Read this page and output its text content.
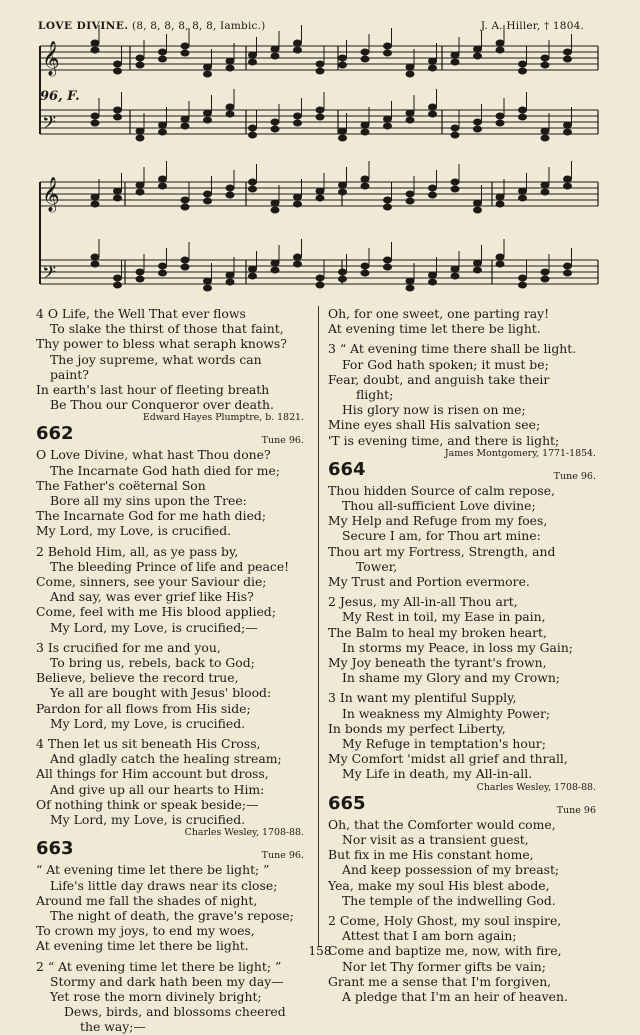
LOVE DIVINE. (8, 8, 8, 8, 8, 8, Iambic.)	J. A. Hiller, † 1804.
𝄞
𝄢
𝄞
𝄢
96, F.
4 O Life, the Well That ever flows
To slake the thirst of those that faint,
Thy power to bless what seraph knows?
The joy supreme, what words can
paint?
In earth's last hour of fleeting breath
Be Thou our Conqueror over death.
Edward Hayes Plumptre, b. 1821.
662	Tune 96.
O Love Divine, what hast Thou done?
The Incarnate God hath died for me;
The Father's coëternal Son
Bore all my sins upon the Tree:
The Incarnate God for me hath died;
My Lord, my Love, is crucified.
2 Behold Him, all, as ye pass by,
The bleeding Prince of life and peace!
Come, sinners, see your Saviour die;
And say, was ever grief like His?
Come, feel with me His blood applied;
My Lord, my Love, is crucified;—
3 Is crucified for me and you,
To bring us, rebels, back to God;
Believe, believe the record true,
Ye all are bought with Jesus' blood:
Pardon for all flows from His side;
My Lord, my Love, is crucified.
4 Then let us sit beneath His Cross,
And gladly catch the healing stream;
All things for Him account but dross,
And give up all our hearts to Him:
Of nothing think or speak beside;—
My Lord, my Love, is crucified.
Charles Wesley, 1708-88.
663	Tune 96.
“ At evening time let there be light; ”
Life's little day draws near its close;
Around me fall the shades of night,
The night of death, the grave's repose;
To crown my joys, to end my woes,
At evening time let there be light.
2 “ At evening time let there be light; ”
Stormy and dark hath been my day—
Yet rose the morn divinely bright;
Dews, birds, and blossoms cheered
the way;—
Oh, for one sweet, one parting ray!
At evening time let there be light.
3 “ At evening time there shall be light.
For God hath spoken; it must be;
Fear, doubt, and anguish take their
flight;
His glory now is risen on me;
Mine eyes shall His salvation see;
'T is evening time, and there is light;
James Montgomery, 1771-1854.
664	Tune 96.
Thou hidden Source of calm repose,
Thou all-sufficient Love divine;
My Help and Refuge from my foes,
Secure I am, for Thou art mine:
Thou art my Fortress, Strength, and
Tower,
My Trust and Portion evermore.
2 Jesus, my All-in-all Thou art,
My Rest in toil, my Ease in pain,
The Balm to heal my broken heart,
In storms my Peace, in loss my Gain;
My Joy beneath the tyrant's frown,
In shame my Glory and my Crown;
3 In want my plentiful Supply,
In weakness my Almighty Power;
In bonds my perfect Liberty,
My Refuge in temptation's hour;
My Comfort 'midst all grief and thrall,
My Life in death, my All-in-all.
Charles Wesley, 1708-88.
665	Tune 96
Oh, that the Comforter would come,
Nor visit as a transient guest,
But fix in me His constant home,
And keep possession of my breast;
Yea, make my soul His blest abode,
The temple of the indwelling God.
2 Come, Holy Ghost, my soul inspire,
Attest that I am born again;
Come and baptize me, now, with fire,
Nor let Thy former gifts be vain;
Grant me a sense that I'm forgiven,
A pledge that I'm an heir of heaven.
158
